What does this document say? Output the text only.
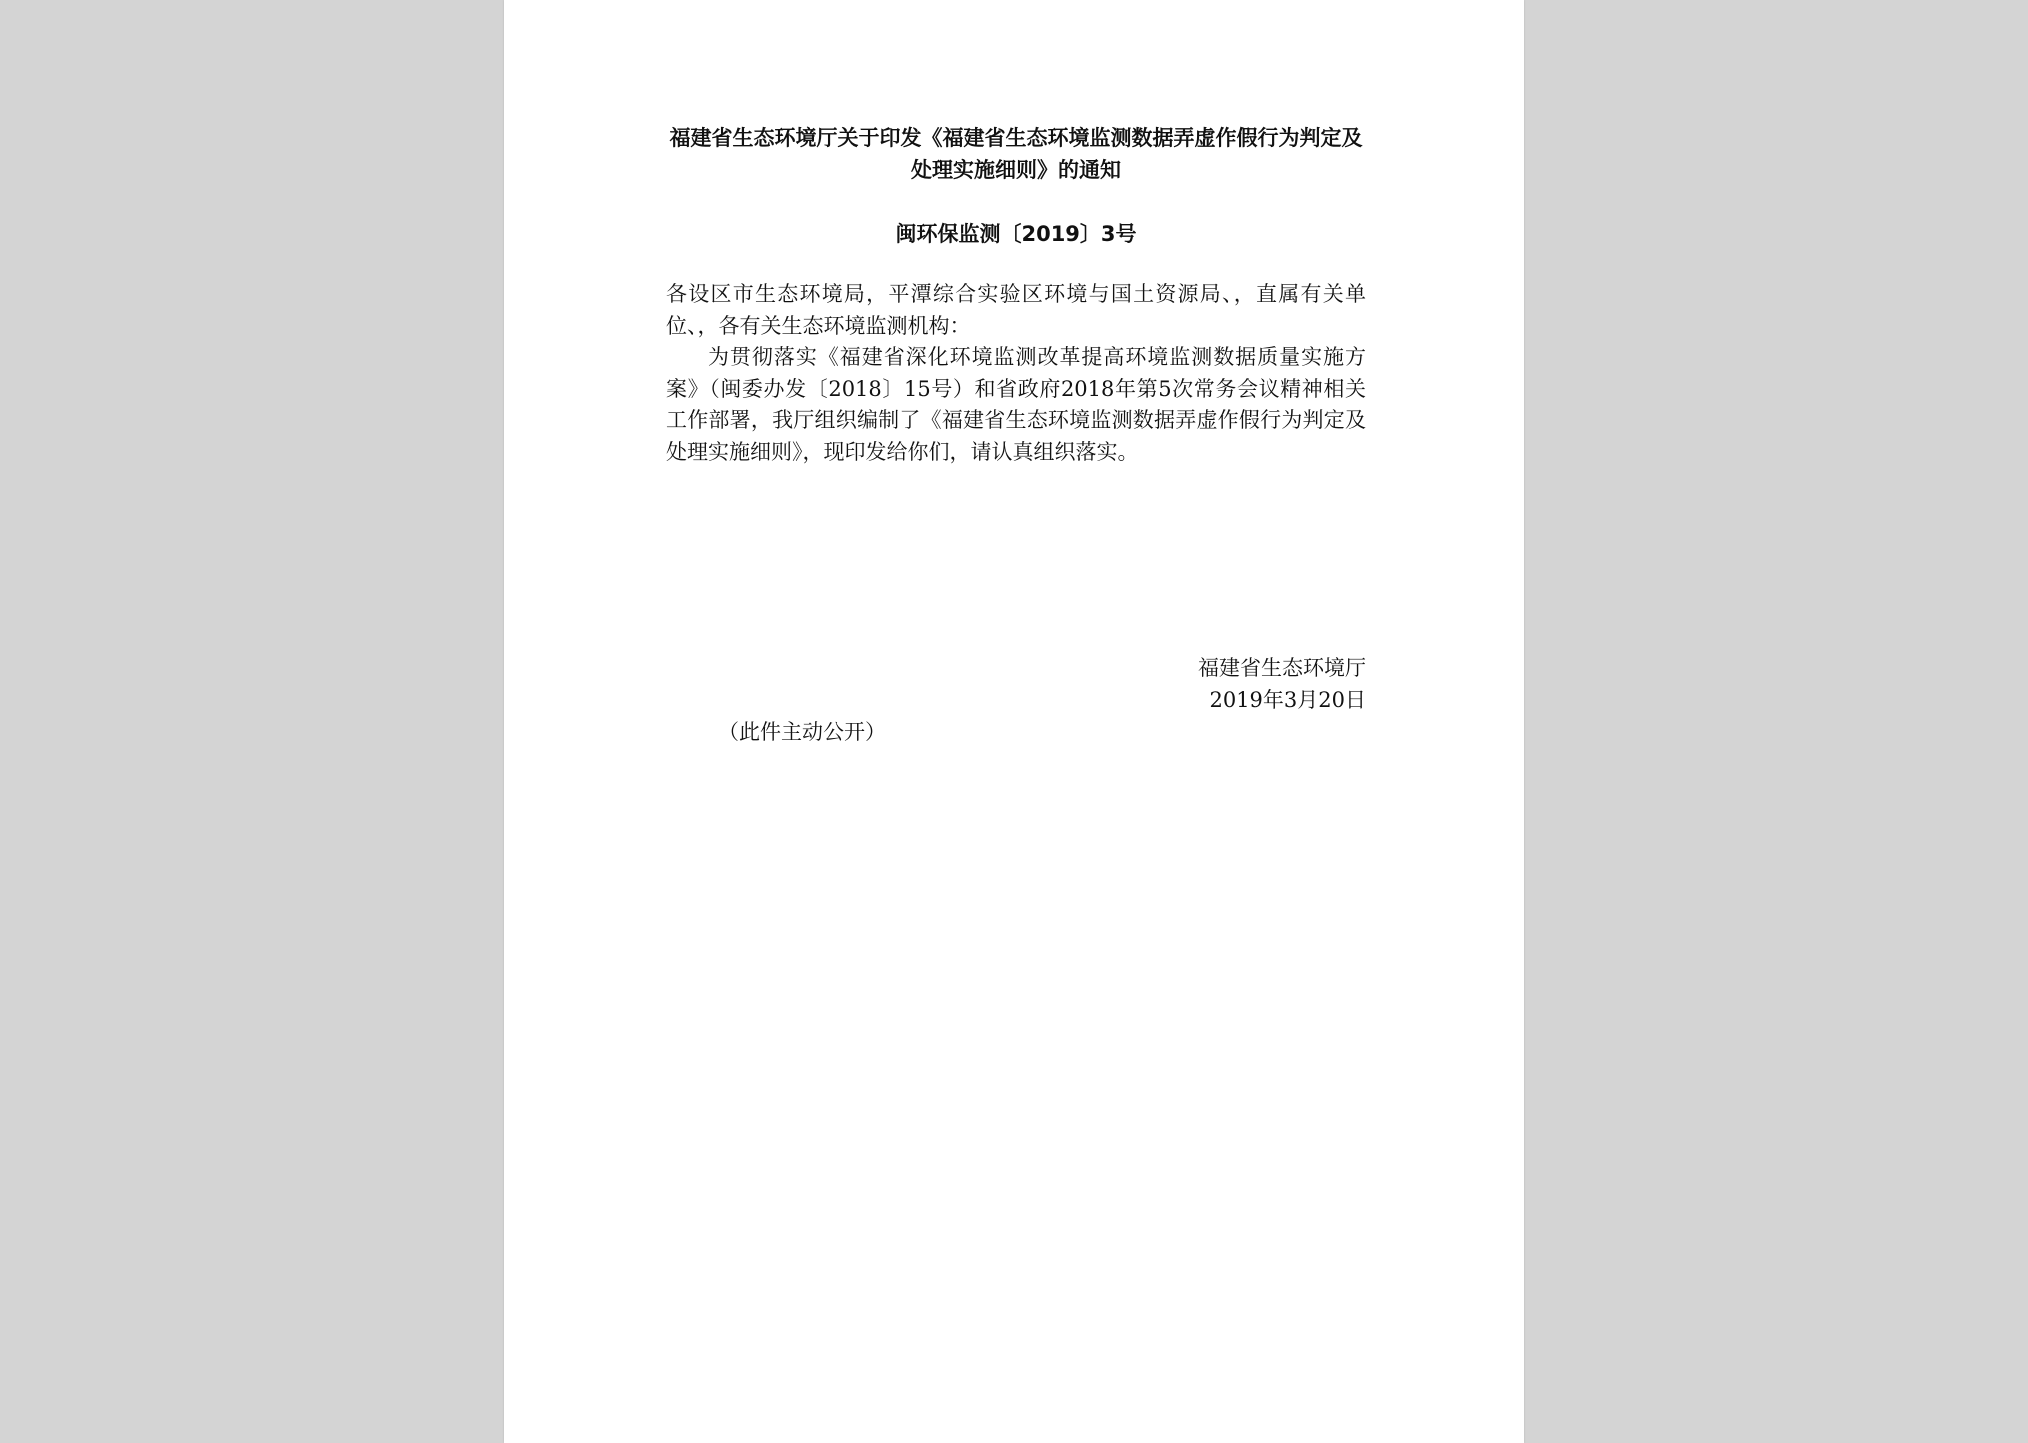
福建省生态环境厅关于印发《福建省生态环境监测数据弄虚作假行为判定及处理实施细则》的通知
闽环保监测〔2019〕3号
各设区市生态环境局，平潭综合实验区环境与国土资源局、，直属有关单位、，各有关生态环境监测机构：
为贯彻落实《福建省深化环境监测改革提高环境监测数据质量实施方案》（闽委办发〔2018〕15号）和省政府2018年第5次常务会议精神相关工作部署，我厅组织编制了《福建省生态环境监测数据弄虚作假行为判定及处理实施细则》，现印发给你们，请认真组织落实。
福建省生态环境厅
2019年3月20日
（此件主动公开）
